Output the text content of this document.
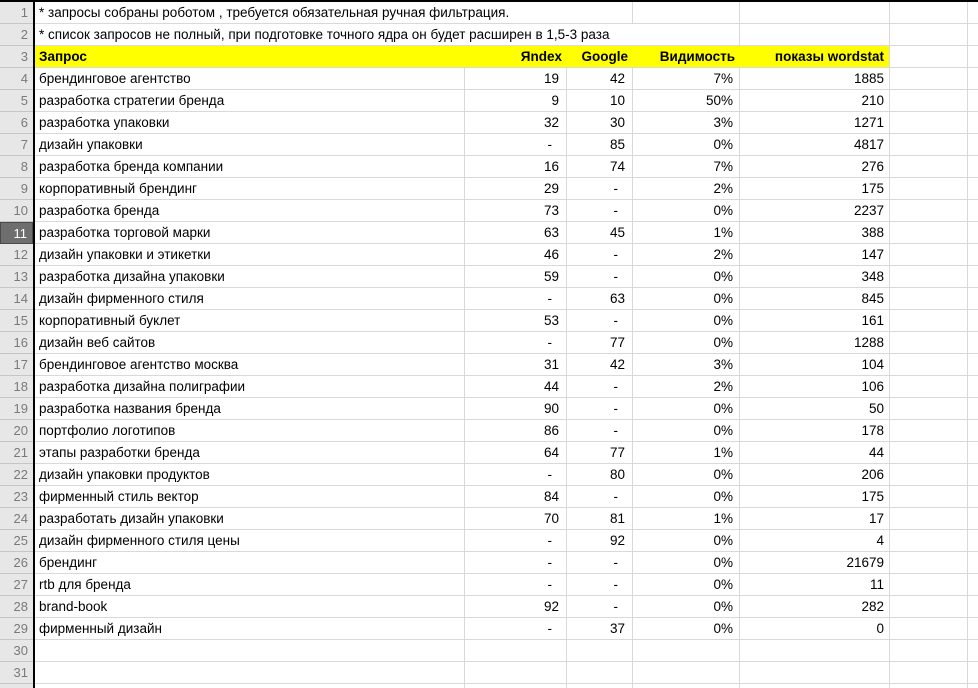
1
2
3
4
5
6
7
8
9
10
11
12
13
14
15
16
17
18
19
20
21
22
23
24
25
26
27
28
29
30
31
* запросы собраны роботом , требуется обязательная ручная фильтрация.
* список запросов не полный, при подготовке точного ядра он будет расширен в 1,5-3 раза
Запрос	Яndex	Google	Видимость	показы wordstat
брендинговое агентство	19	42	7%	1885
разработка стратегии бренда	9	10	50%	210
разработка упаковки	32	30	3%	1271
дизайн упаковки	-	85	0%	4817
разработка бренда компании	16	74	7%	276
корпоративный брендинг	29	-	2%	175
разработка бренда	73	-	0%	2237
разработка торговой марки	63	45	1%	388
дизайн упаковки и этикетки	46	-	2%	147
разработка дизайна упаковки	59	-	0%	348
дизайн фирменного стиля	-	63	0%	845
корпоративный буклет	53	-	0%	161
дизайн веб сайтов	-	77	0%	1288
брендинговое агентство москва	31	42	3%	104
разработка дизайна полиграфии	44	-	2%	106
разработка названия бренда	90	-	0%	50
портфолио логотипов	86	-	0%	178
этапы разработки бренда	64	77	1%	44
дизайн упаковки продуктов	-	80	0%	206
фирменный стиль вектор	84	-	0%	175
разработать дизайн упаковки	70	81	1%	17
дизайн фирменного стиля цены	-	92	0%	4
брендинг	-	-	0%	21679
rtb для бренда	-	-	0%	11
brand-book	92	-	0%	282
фирменный дизайн	-	37	0%	0
